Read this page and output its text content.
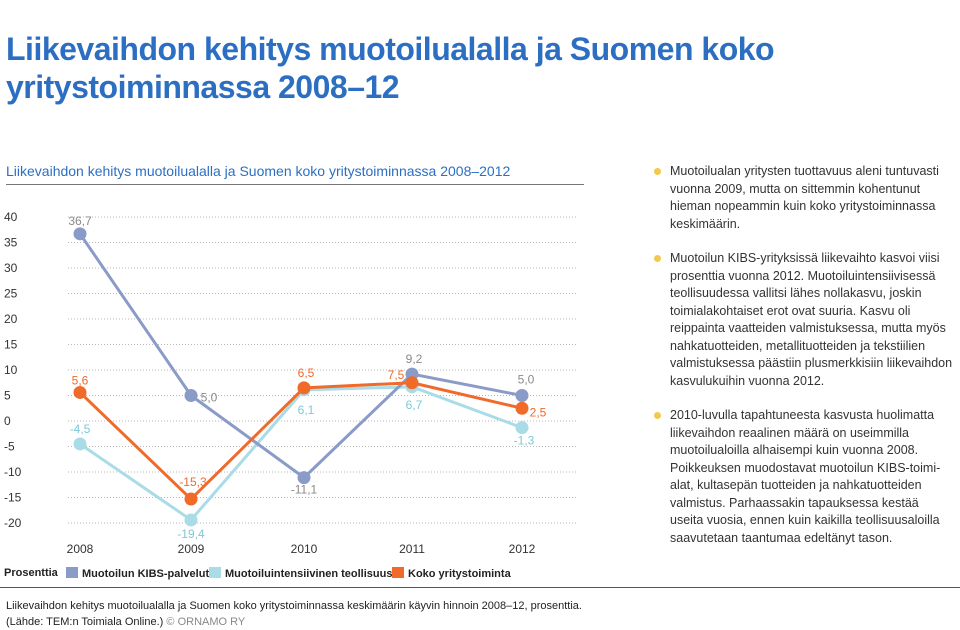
Liikevaihdon kehitys muotoilualalla ja Suomen koko yritystoiminnassa 2008–12
Liikevaihdon kehitys muotoilualalla ja Suomen koko yritystoiminnassa 2008–2012
40
35
30
25
20
15
10
5
0
-5
-10
-15
-20
2008	2009	2010	2011	2012
36,7
5,0
-11,1
9,2
5,0
-4,5
-19,4
6,1	6,7
-1,3
5,6
-15,3
6,5	7,5
2,5
Prosenttia	Muotoilun KIBS-palvelut	Muotoiluintensiivinen teollisuus	Koko yritystoiminta
Liikevaihdon kehitys muotoilualalla ja Suomen koko yritystoiminnassa keskimäärin käyvin hinnoin 2008–12, prosenttia.
(Lähde: TEM:n Toimiala Online.) © ORNAMO RY
Muotoilualan yritysten tuottavuus aleni tuntuvasti vuonna 2009, mutta on sittemmin kohentunut hieman nopeammin kuin koko yritystoiminnassa keskimäärin.
Muotoilun KIBS-yrityksissä liikevaihto kasvoi viisi prosenttia vuonna 2012. Muotoiluintensiivisessä teollisuudessa vallitsi lähes nollakasvu, joskin toimialakohtaiset erot ovat suuria. Kasvu oli reippainta vaatteiden valmistuksessa, mutta myös nahkatuotteiden, metallituotteiden ja tekstiilien valmistuksessa päästiin plusmerkkisiin liikevaihdon kasvulukuihin vuonna 2012.
2010-luvulla tapahtuneesta kasvusta huolimatta liikevaihdon reaalinen määrä on useimmilla muotoilualoilla alhaisempi kuin vuonna 2008. Poikkeuksen muodostavat muotoilun KIBS-toimi-alat, kultasepän tuotteiden ja nahkatuotteiden valmistus. Parhaassakin tapauksessa kestää useita vuosia, ennen kuin kaikilla teollisuusaloilla saavutetaan taantumaa edeltänyt tason.
